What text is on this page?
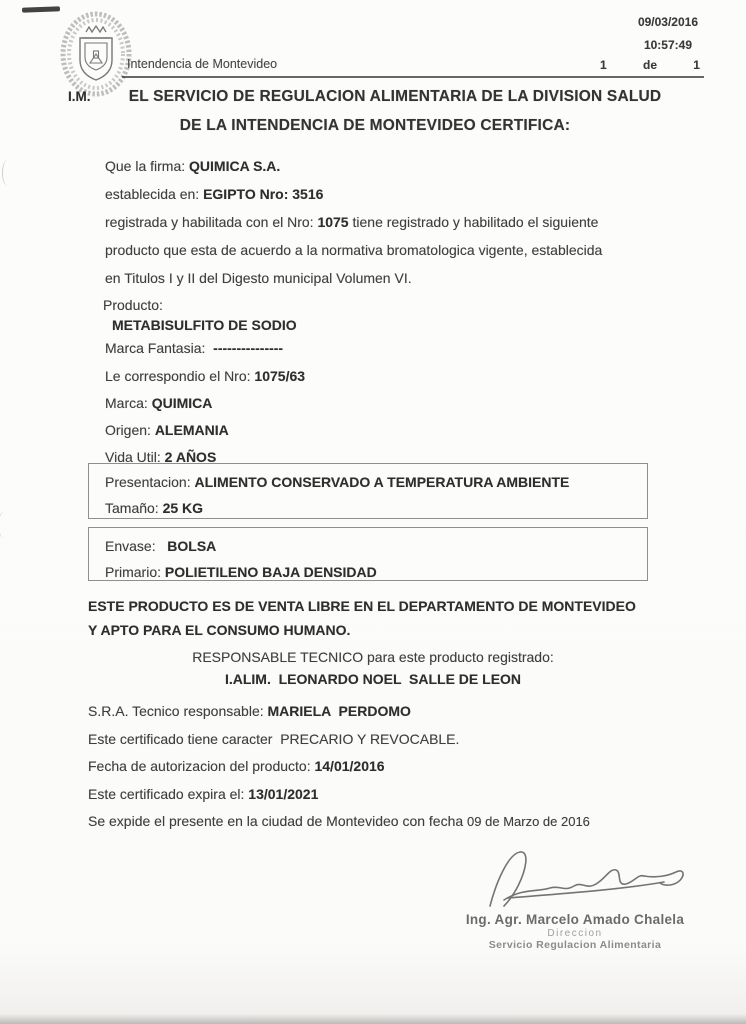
Intendencia de Montevideo
09/03/2016
10:57:49
1	de	1
I.M.	EL SERVICIO DE REGULACION ALIMENTARIA DE LA DIVISION SALUD
DE LA INTENDENCIA DE MONTEVIDEO CERTIFICA:
Que la firma: QUIMICA S.A.
establecida en: EGIPTO Nro: 3516
registrada y habilitada con el Nro: 1075 tiene registrado y habilitado el siguiente
producto que esta de acuerdo a la normativa bromatologica vigente, establecida
en Titulos I y II del Digesto municipal Volumen VI.
Producto:
METABISULFITO DE SODIO
Marca Fantasia:  ---------------
Le correspondio el Nro: 1075/63
Marca: QUIMICA
Origen: ALEMANIA
Vida Util: 2 AÑOS
Presentacion: ALIMENTO CONSERVADO A TEMPERATURA AMBIENTE
Tamaño: 25 KG
Envase:   BOLSA
Primario: POLIETILENO BAJA DENSIDAD
ESTE PRODUCTO ES DE VENTA LIBRE EN EL DEPARTAMENTO DE MONTEVIDEO
Y APTO PARA EL CONSUMO HUMANO.
RESPONSABLE TECNICO para este producto registrado:
I.ALIM.  LEONARDO NOEL  SALLE DE LEON
S.R.A. Tecnico responsable: MARIELA  PERDOMO
Este certificado tiene caracter  PRECARIO Y REVOCABLE.
Fecha de autorizacion del producto: 14/01/2016
Este certificado expira el: 13/01/2021
Se expide el presente en la ciudad de Montevideo con fecha 09 de Marzo de 2016
Ing. Agr. Marcelo Amado Chalela
Direccion
Servicio Regulacion Alimentaria
